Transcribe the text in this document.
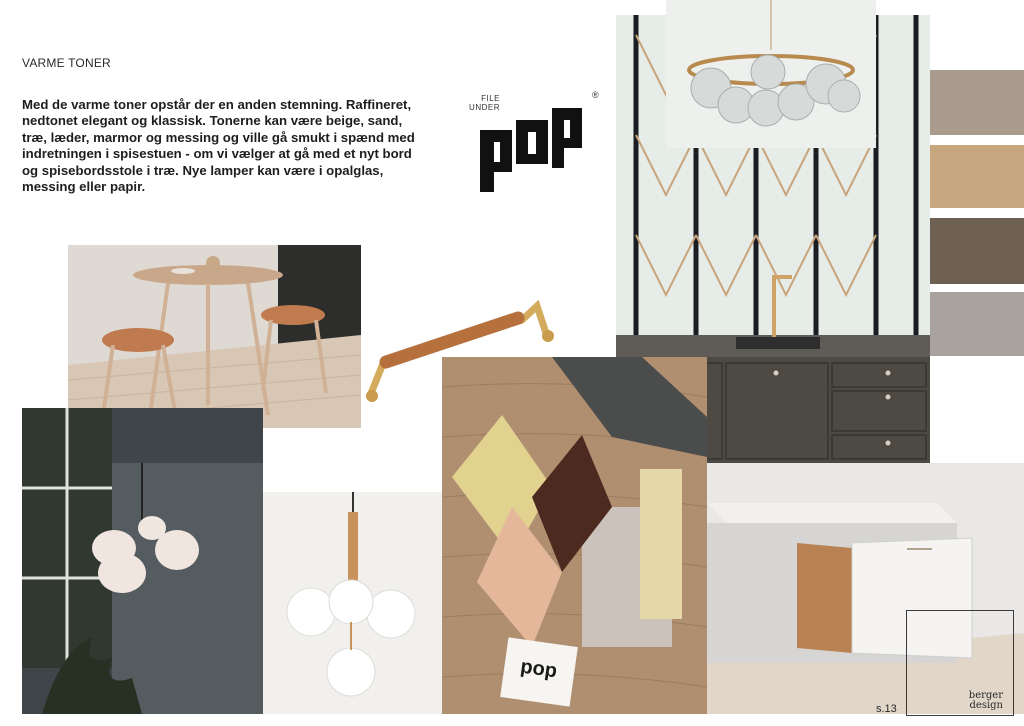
VARME TONER
Med de varme toner opstår der en anden stemning. Raffineret, nedtonet elegant og klassisk. Tonerne kan være beige, sand, træ, læder, marmor og messing og ville gå smukt i spænd med indretningen i spisestuen - om vi vælger at gå med et nyt bord og spisebordsstole i træ. Nye lamper kan være i opalglas, messing eller papir.
FILE
UNDER
®
pop
s.13
berger
design
